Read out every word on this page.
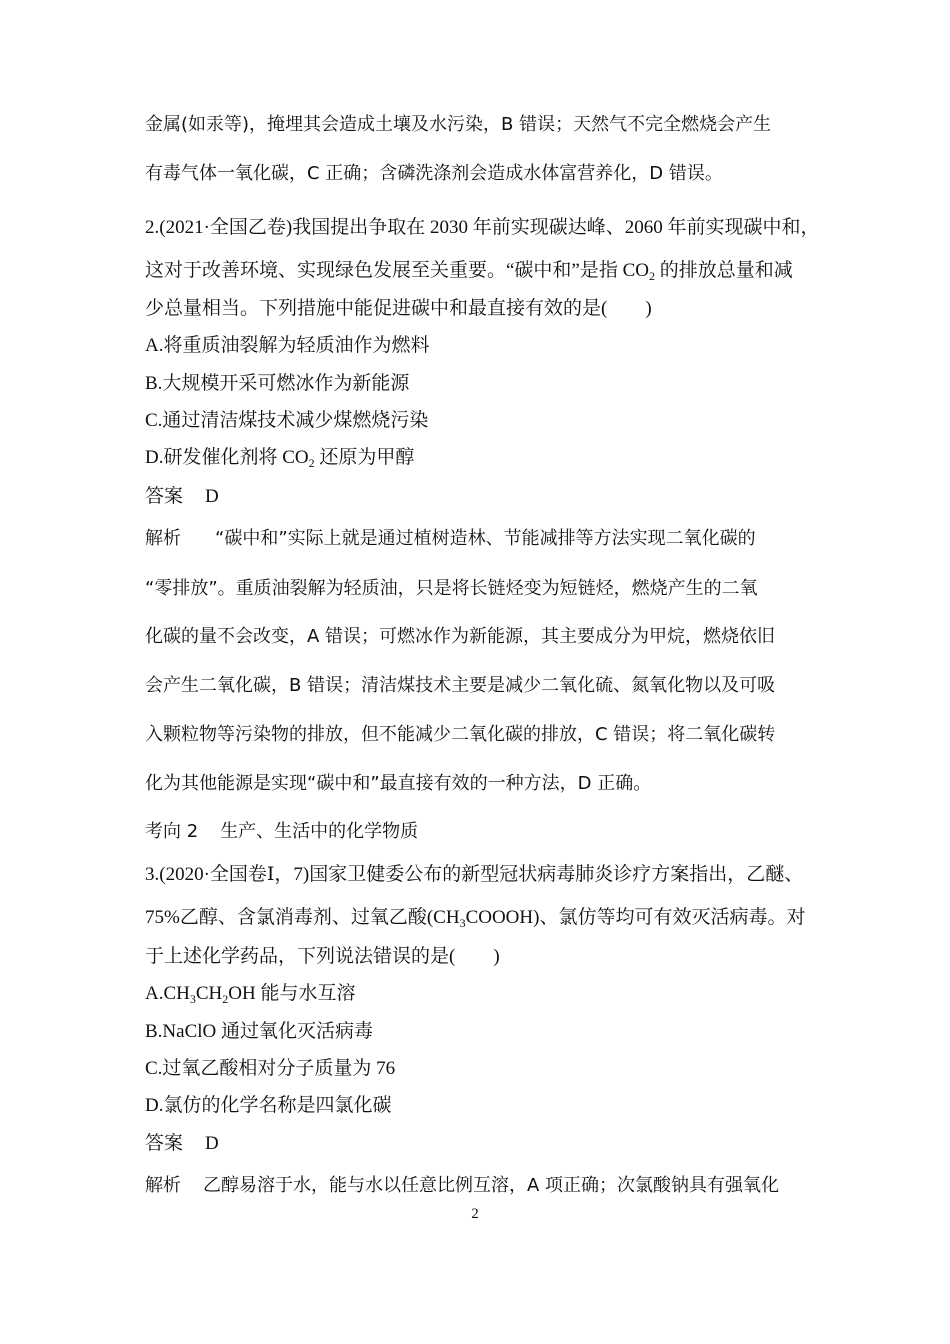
金属(如汞等)，掩埋其会造成土壤及水污染，B 错误；天然气不完全燃烧会产生
有毒气体一氧化碳，C 正确；含磷洗涤剂会造成水体富营养化，D 错误。
2.(2021·全国乙卷)我国提出争取在 2030 年前实现碳达峰、2060 年前实现碳中和，
这对于改善环境、实现绿色发展至关重要。“碳中和”是指 $CO_2$ 的排放总量和减
少总量相当。下列措施中能促进碳中和最直接有效的是(　　)
A.将重质油裂解为轻质油作为燃料
B.大规模开采可燃冰作为新能源
C.通过清洁煤技术减少煤燃烧污染
D.研发催化剂将 $CO_2$ 还原为甲醇
答案 D
解析 “碳中和”实际上就是通过植树造林、节能减排等方法实现二氧化碳的
“零排放”。重质油裂解为轻质油，只是将长链烃变为短链烃，燃烧产生的二氧
化碳的量不会改变，A 错误；可燃冰作为新能源，其主要成分为甲烷，燃烧依旧
会产生二氧化碳，B 错误；清洁煤技术主要是减少二氧化硫、氮氧化物以及可吸
入颗粒物等污染物的排放，但不能减少二氧化碳的排放，C 错误；将二氧化碳转
化为其他能源是实现“碳中和”最直接有效的一种方法，D 正确。
考向 2 生产、生活中的化学物质
3.(2020·全国卷Ⅰ，7)国家卫健委公布的新型冠状病毒肺炎诊疗方案指出，乙醚、
75%乙醇、含氯消毒剂、过氧乙酸$(CH_3COOOH)$、氯仿等均可有效灭活病毒。对
于上述化学药品，下列说法错误的是(　　)
$A.CH_3CH_2OH$ 能与水互溶
B.NaClO 通过氧化灭活病毒
C.过氧乙酸相对分子质量为 76
D.氯仿的化学名称是四氯化碳
答案 D
解析 乙醇易溶于水，能与水以任意比例互溶，A 项正确；次氯酸钠具有强氧化
2
